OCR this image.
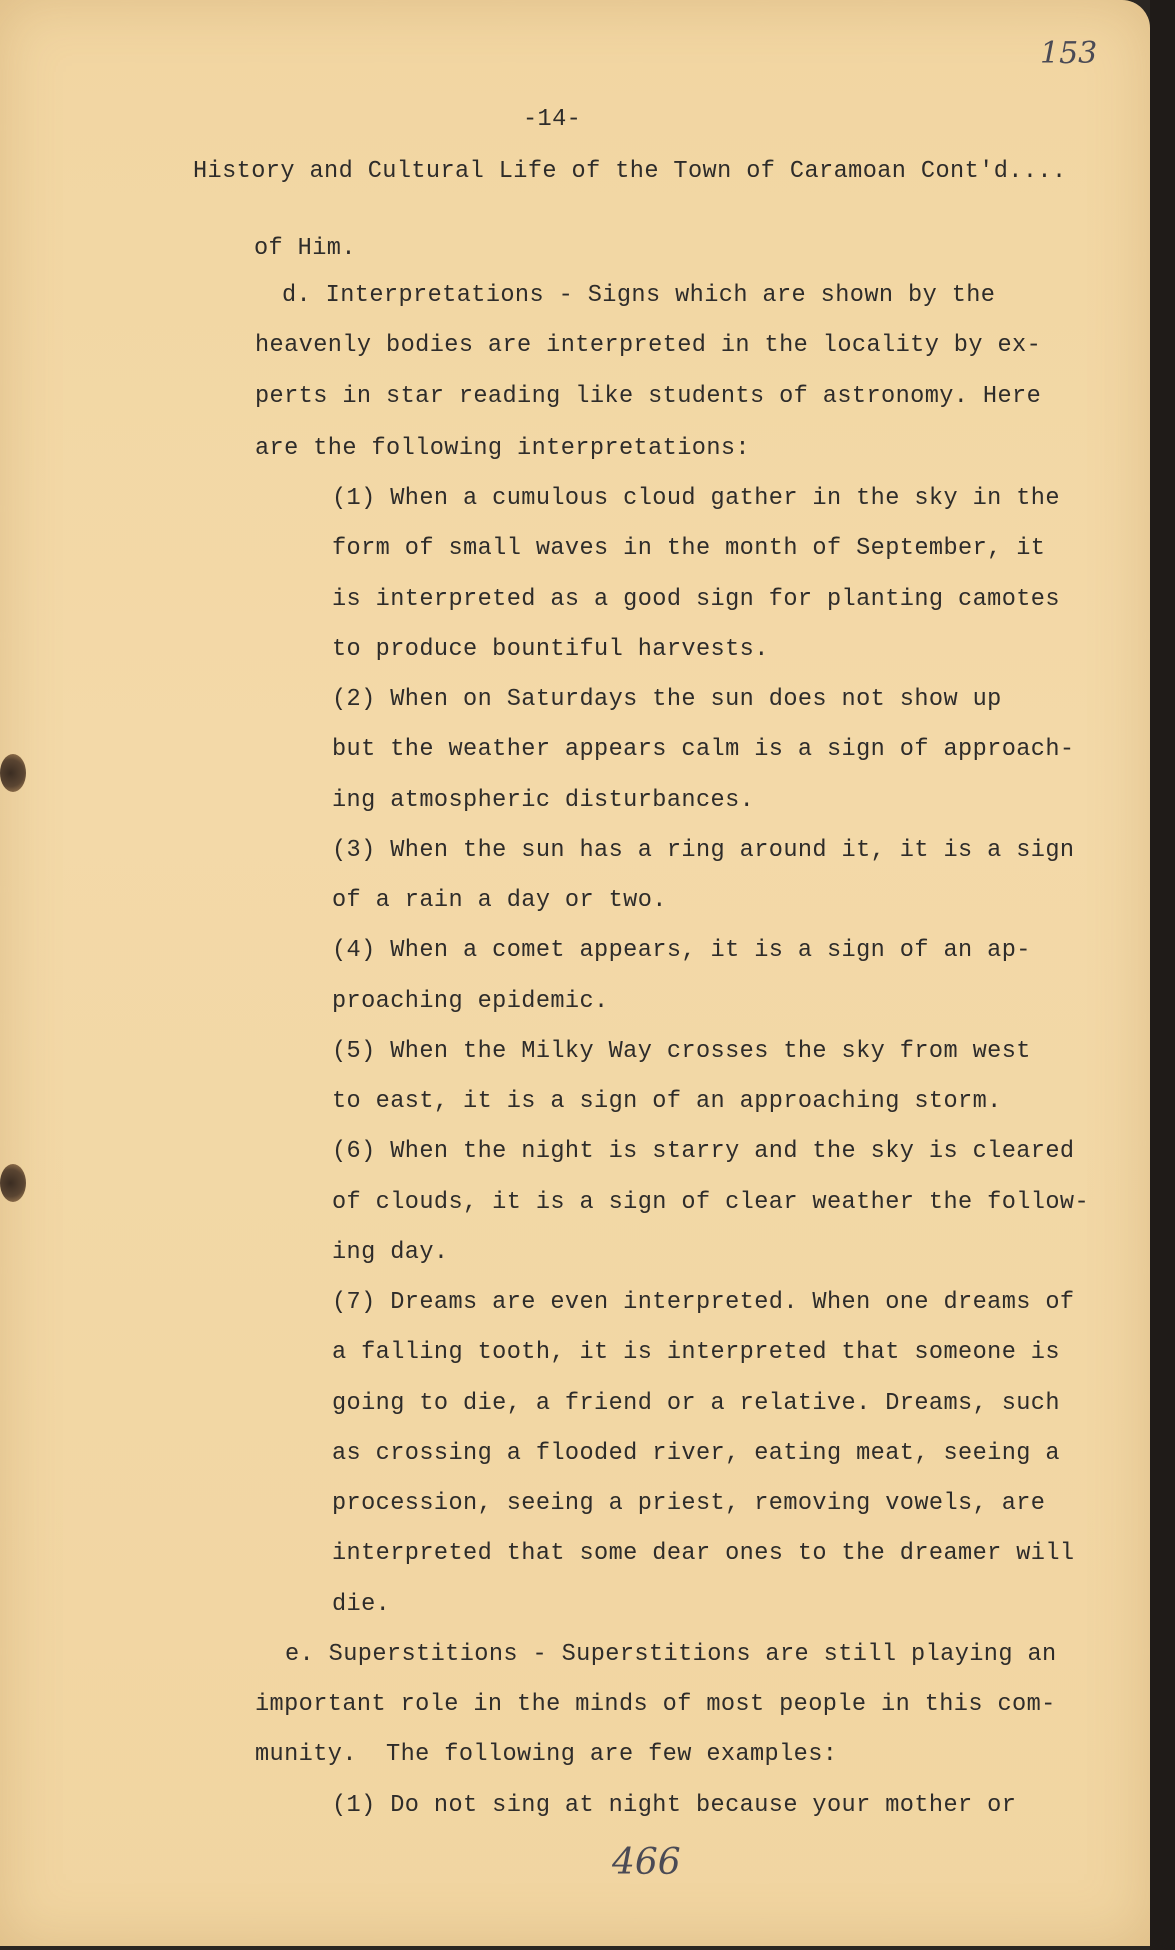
153
-14-
History and Cultural Life of the Town of Caramoan Cont'd....
of Him.
d. Interpretations - Signs which are shown by the
heavenly bodies are interpreted in the locality by ex-
perts in star reading like students of astronomy. Here
are the following interpretations:
(1) When a cumulous cloud gather in the sky in the
form of small waves in the month of September, it
is interpreted as a good sign for planting camotes
to produce bountiful harvests.
(2) When on Saturdays the sun does not show up
but the weather appears calm is a sign of approach-
ing atmospheric disturbances.
(3) When the sun has a ring around it, it is a sign
of a rain a day or two.
(4) When a comet appears, it is a sign of an ap-
proaching epidemic.
(5) When the Milky Way crosses the sky from west
to east, it is a sign of an approaching storm.
(6) When the night is starry and the sky is cleared
of clouds, it is a sign of clear weather the follow-
ing day.
(7) Dreams are even interpreted. When one dreams of
a falling tooth, it is interpreted that someone is
going to die, a friend or a relative. Dreams, such
as crossing a flooded river, eating meat, seeing a
procession, seeing a priest, removing vowels, are
interpreted that some dear ones to the dreamer will
die.
e. Superstitions - Superstitions are still playing an
important role in the minds of most people in this com-
munity.  The following are few examples:
(1) Do not sing at night because your mother or
466
